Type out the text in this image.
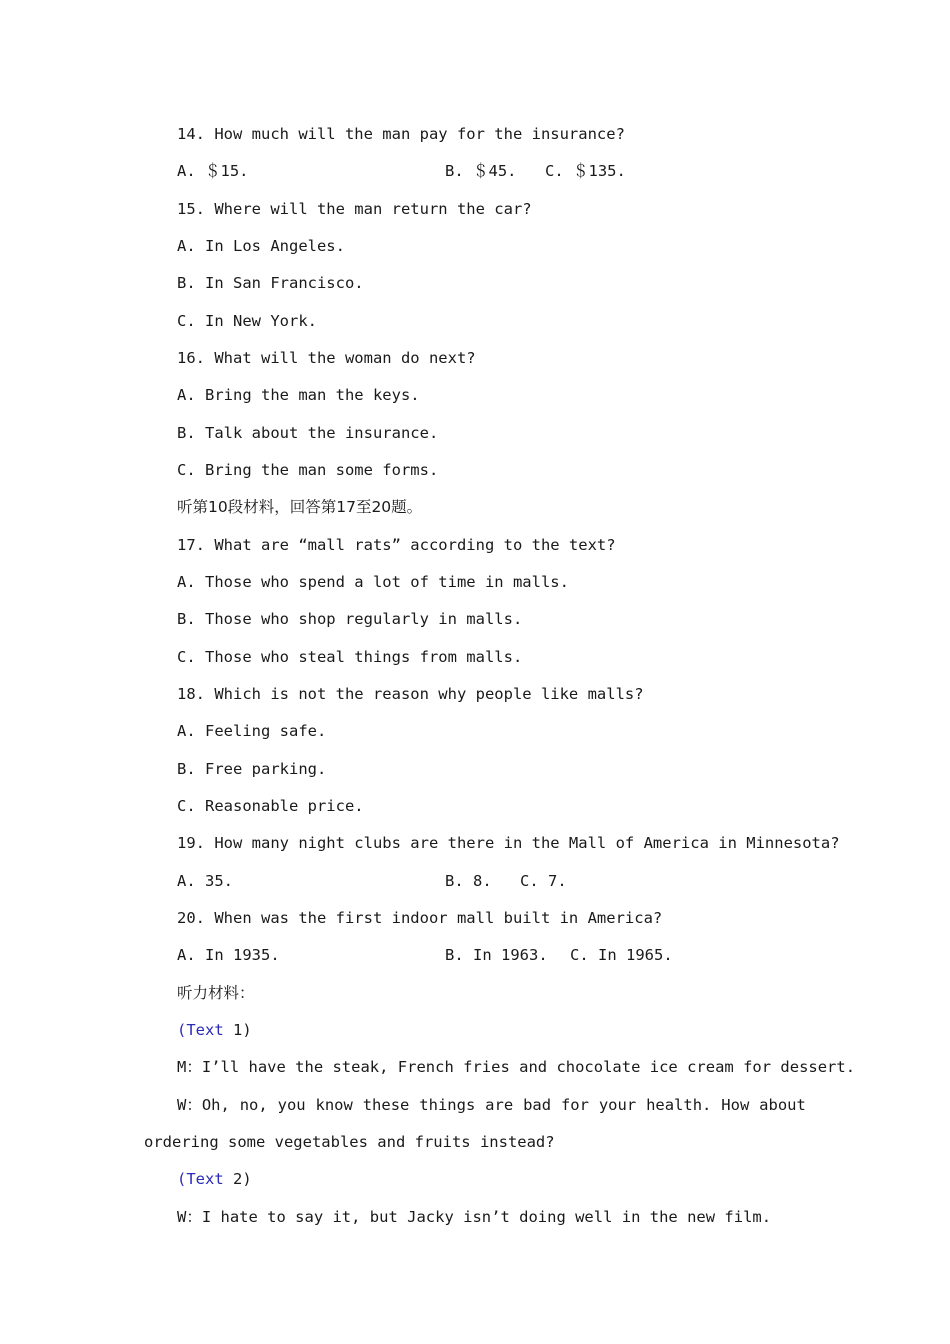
14. How much will the man pay for the insurance?
A. ＄15.	B. ＄45. C. ＄135.
15. Where will the man return the car?
A. In Los Angeles.
B. In San Francisco.
C. In New York.
16. What will the woman do next?
A. Bring the man the keys.
B. Talk about the insurance.
C. Bring the man some forms.
听第10段材料，回答第17至20题。
17. What are “mall rats” according to the text?
A. Those who spend a lot of time in malls.
B. Those who shop regularly in malls.
C. Those who steal things from malls.
18. Which is not the reason why people like malls?
A. Feeling safe.
B. Free parking.
C. Reasonable price.
19. How many night clubs are there in the Mall of America in Minnesota?
A. 35.	B. 8. C. 7.
20. When was the first indoor mall built in America?
A. In 1935.	B. In 1963. C. In 1965.
听力材料：
(Text 1)
M：I’ll have the steak, French fries and chocolate ice cream for dessert.
W：Oh, no, you know these things are bad for your health. How about
ordering some vegetables and fruits instead?
(Text 2)
W：I hate to say it, but Jacky isn’t doing well in the new film.
